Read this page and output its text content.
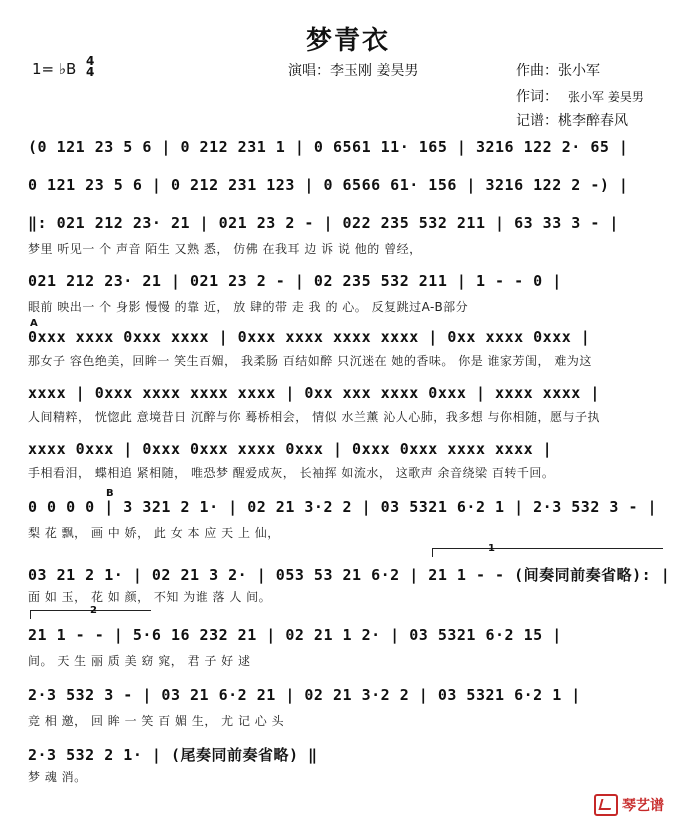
梦青衣
1= ♭B 4
4	演唱：李玉刚 姜昊男	作曲：张小军
作词： 张小军 姜昊男
记谱：桃李醉春风
(0 121 23 5 6 | 0 212 231 1 | 0 6561 11· 165 | 3216 122 2· 65 |
0 121 23 5 6 | 0 212 231 123 | 0 6566 61· 156 | 3216 122 2 -) |
‖: 021 212 23· 21 | 021 23 2 - | 022 235 532 211 | 63 33 3 - |
梦里 听见一 个 声音 陌生 又熟 悉， 仿佛 在我耳 边 诉 说 他的 曾经，
021 212 23· 21 | 021 23 2 - | 02 235 532 211 | 1 - - 0 |
眼前 映出一 个 身影 慢慢 的靠 近， 放 肆的带 走 我 的 心。 反复跳过A-B部分
A
0xxx xxxx 0xxx xxxx | 0xxx xxxx xxxx xxxx | 0xx xxxx 0xxx |
那女子 容色绝美，回眸一 笑生百媚， 我柔肠 百结如醉 只沉迷在 她的香味。 你是 谁家芳闺， 难为这
xxxx | 0xxx xxxx xxxx xxxx | 0xx xxx xxxx 0xxx | xxxx xxxx |
人间精粹， 恍惚此 意境昔日 沉醉与你 蓦桥相会， 情似 水兰薰 沁人心肺，我多想 与你相随，愿与子执
xxxx 0xxx | 0xxx 0xxx xxxx 0xxx | 0xxx 0xxx xxxx xxxx |
手相看泪， 蝶相追 紧相随， 唯恐梦 醒爱成灰， 长袖挥 如流水， 这歌声 余音绕梁 百转千回。
B
0 0 0 0 | 3 321 2 1· | 02 21 3·2 2 | 03 5321 6·2 1 | 2·3 532 3 - |
梨 花 飘， 画 中 娇， 此 女 本 应 天 上 仙，
1
03 21 2 1· | 02 21 3 2· | 053 53 21 6·2 | 21 1 - - (间奏同前奏省略): |
面 如 玉， 花 如 颜， 不知 为谁 落 人 间。
2
21 1 - - | 5·6 16 232 21 | 02 21 1 2· | 03 5321 6·2 15 |
间。 天 生 丽 质 美 窈 窕， 君 子 好 逑
2·3 532 3 - | 03 21 6·2 21 | 02 21 3·2 2 | 03 5321 6·2 1 |
竞 相 邀， 回 眸 一 笑 百 媚 生， 尤 记 心 头
2·3 532 2 1· | (尾奏同前奏省略) ‖
梦 魂 消。
琴艺谱
